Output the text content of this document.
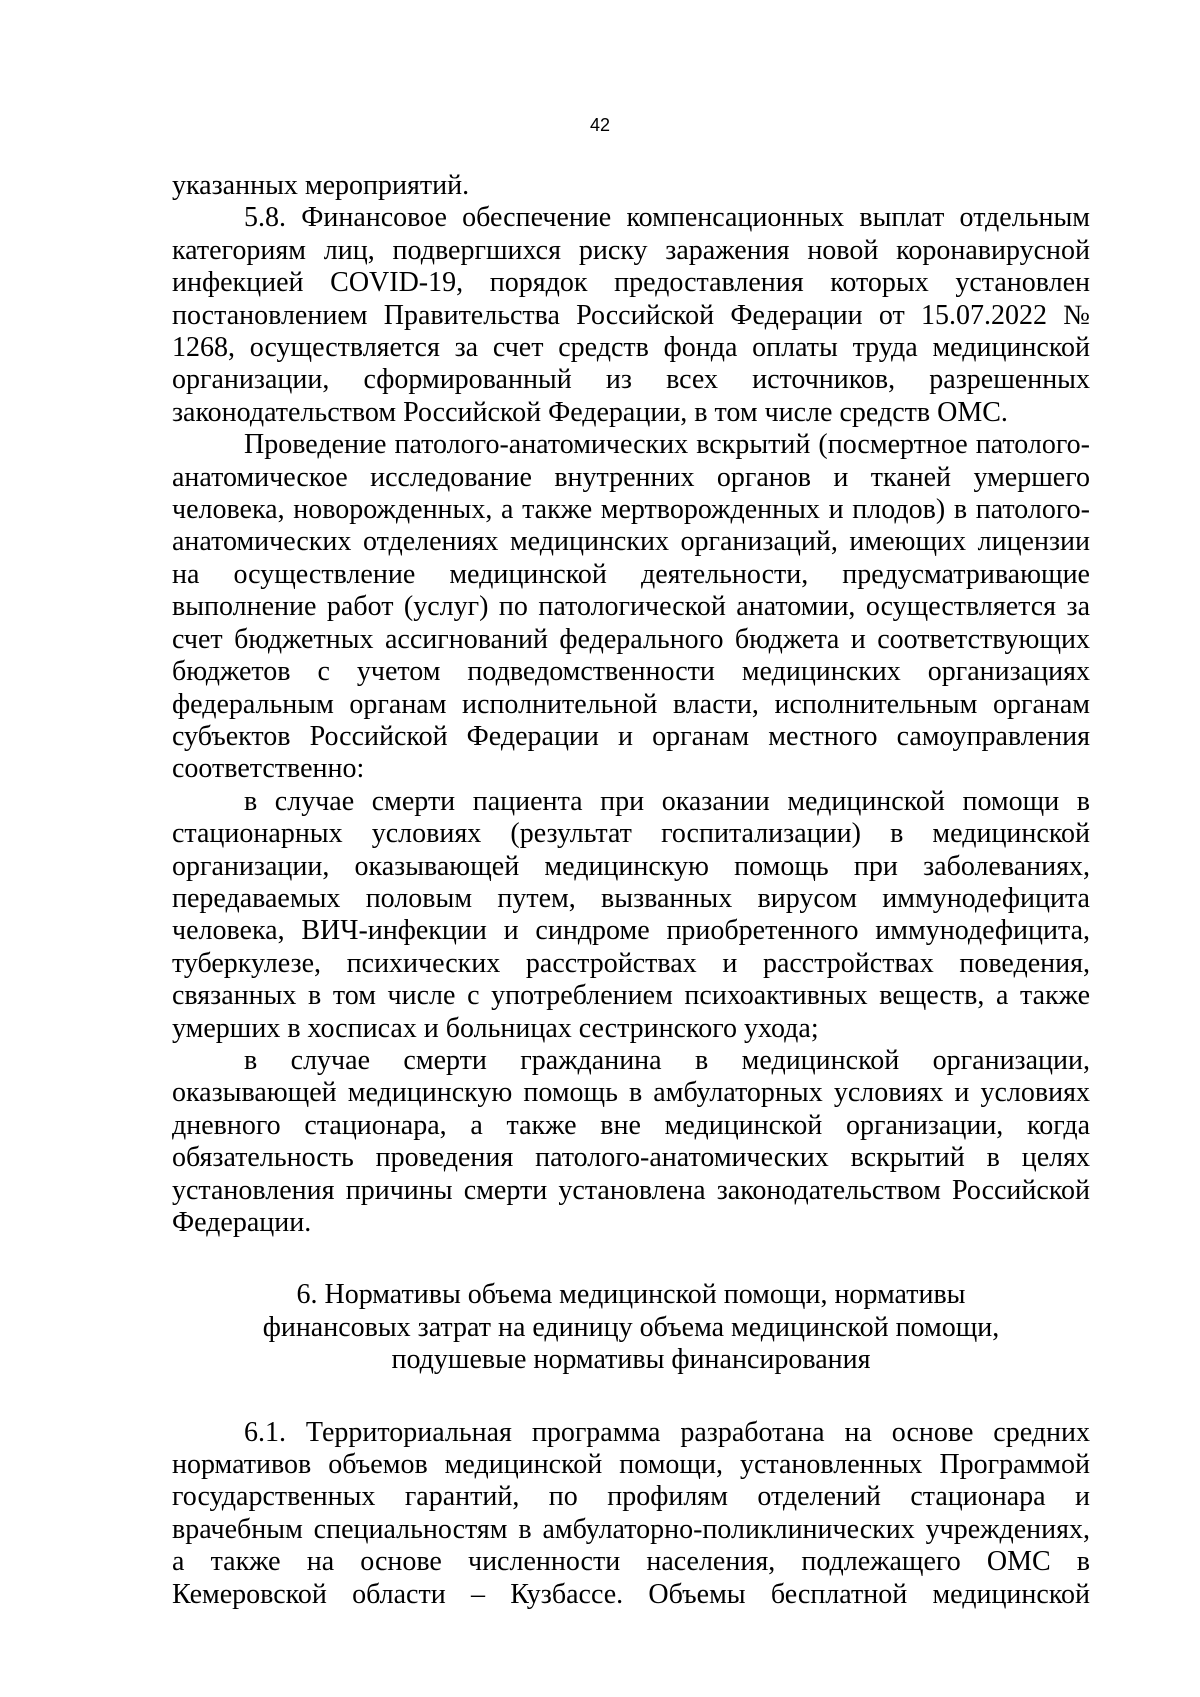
42

указанных мероприятий.

5.8. Финансовое обеспечение компенсационных выплат отдельным категориям лиц, подвергшихся риску заражения новой коронавирусной инфекцией COVID-19, порядок предоставления которых установлен постановлением Правительства Российской Федерации от 15.07.2022 № 1268, осуществляется за счет средств фонда оплаты труда медицинской организации, сформированный из всех источников, разрешенных законодательством Российской Федерации, в том числе средств ОМС.

Проведение патолого-анатомических вскрытий (посмертное патолого-анатомическое исследование внутренних органов и тканей умершего человека, новорожденных, а также мертворожденных и плодов) в патолого-анатомических отделениях медицинских организаций, имеющих лицензии на осуществление медицинской деятельности, предусматривающие выполнение работ (услуг) по патологической анатомии, осуществляется за счет бюджетных ассигнований федерального бюджета и соответствующих бюджетов с учетом подведомственности медицинских организациях федеральным органам исполнительной власти, исполнительным органам субъектов Российской Федерации и органам местного самоуправления соответственно:

в случае смерти пациента при оказании медицинской помощи в стационарных условиях (результат госпитализации) в медицинской организации, оказывающей медицинскую помощь при заболеваниях, передаваемых половым путем, вызванных вирусом иммунодефицита человека, ВИЧ-инфекции и синдроме приобретенного иммунодефицита, туберкулезе, психических расстройствах и расстройствах поведения, связанных в том числе с употреблением психоактивных веществ, а также умерших в хосписах и больницах сестринского ухода;

в случае смерти гражданина в медицинской организации, оказывающей медицинскую помощь в амбулаторных условиях и условиях дневного стационара, а также вне медицинской организации, когда обязательность проведения патолого-анатомических вскрытий в целях установления причины смерти установлена законодательством Российской Федерации.

6. Нормативы объема медицинской помощи, нормативы
финансовых затрат на единицу объема медицинской помощи,
подушевые нормативы финансирования

6.1. Территориальная программа разработана на основе средних нормативов объемов медицинской помощи, установленных Программой государственных гарантий, по профилям отделений стационара и врачебным специальностям в амбулаторно-поликлинических учреждениях, а также на основе численности населения, подлежащего ОМС в Кемеровской области – Кузбассе. Объемы бесплатной медицинской
